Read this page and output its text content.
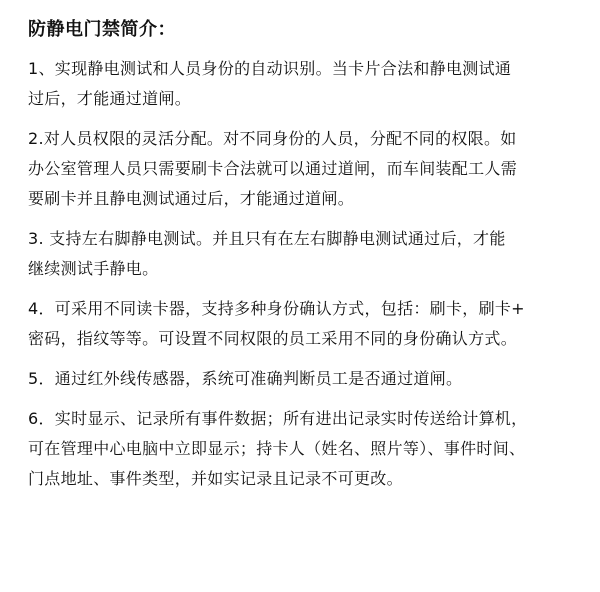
防静电门禁简介：
1、实现静电测试和人员身份的自动识别。当卡片合法和静电测试通
过后，才能通过道闸。
2.对人员权限的灵活分配。对不同身份的人员，分配不同的权限。如
办公室管理人员只需要刷卡合法就可以通过道闸，而车间装配工人需
要刷卡并且静电测试通过后，才能通过道闸。
3. 支持左右脚静电测试。并且只有在左右脚静电测试通过后，才能
继续测试手静电。
4．可采用不同读卡器，支持多种身份确认方式，包括：刷卡，刷卡+
密码，指纹等等。可设置不同权限的员工采用不同的身份确认方式。
5．通过红外线传感器，系统可准确判断员工是否通过道闸。
6．实时显示、记录所有事件数据；所有进出记录实时传送给计算机，
可在管理中心电脑中立即显示；持卡人（姓名、照片等）、事件时间、
门点地址、事件类型，并如实记录且记录不可更改。
